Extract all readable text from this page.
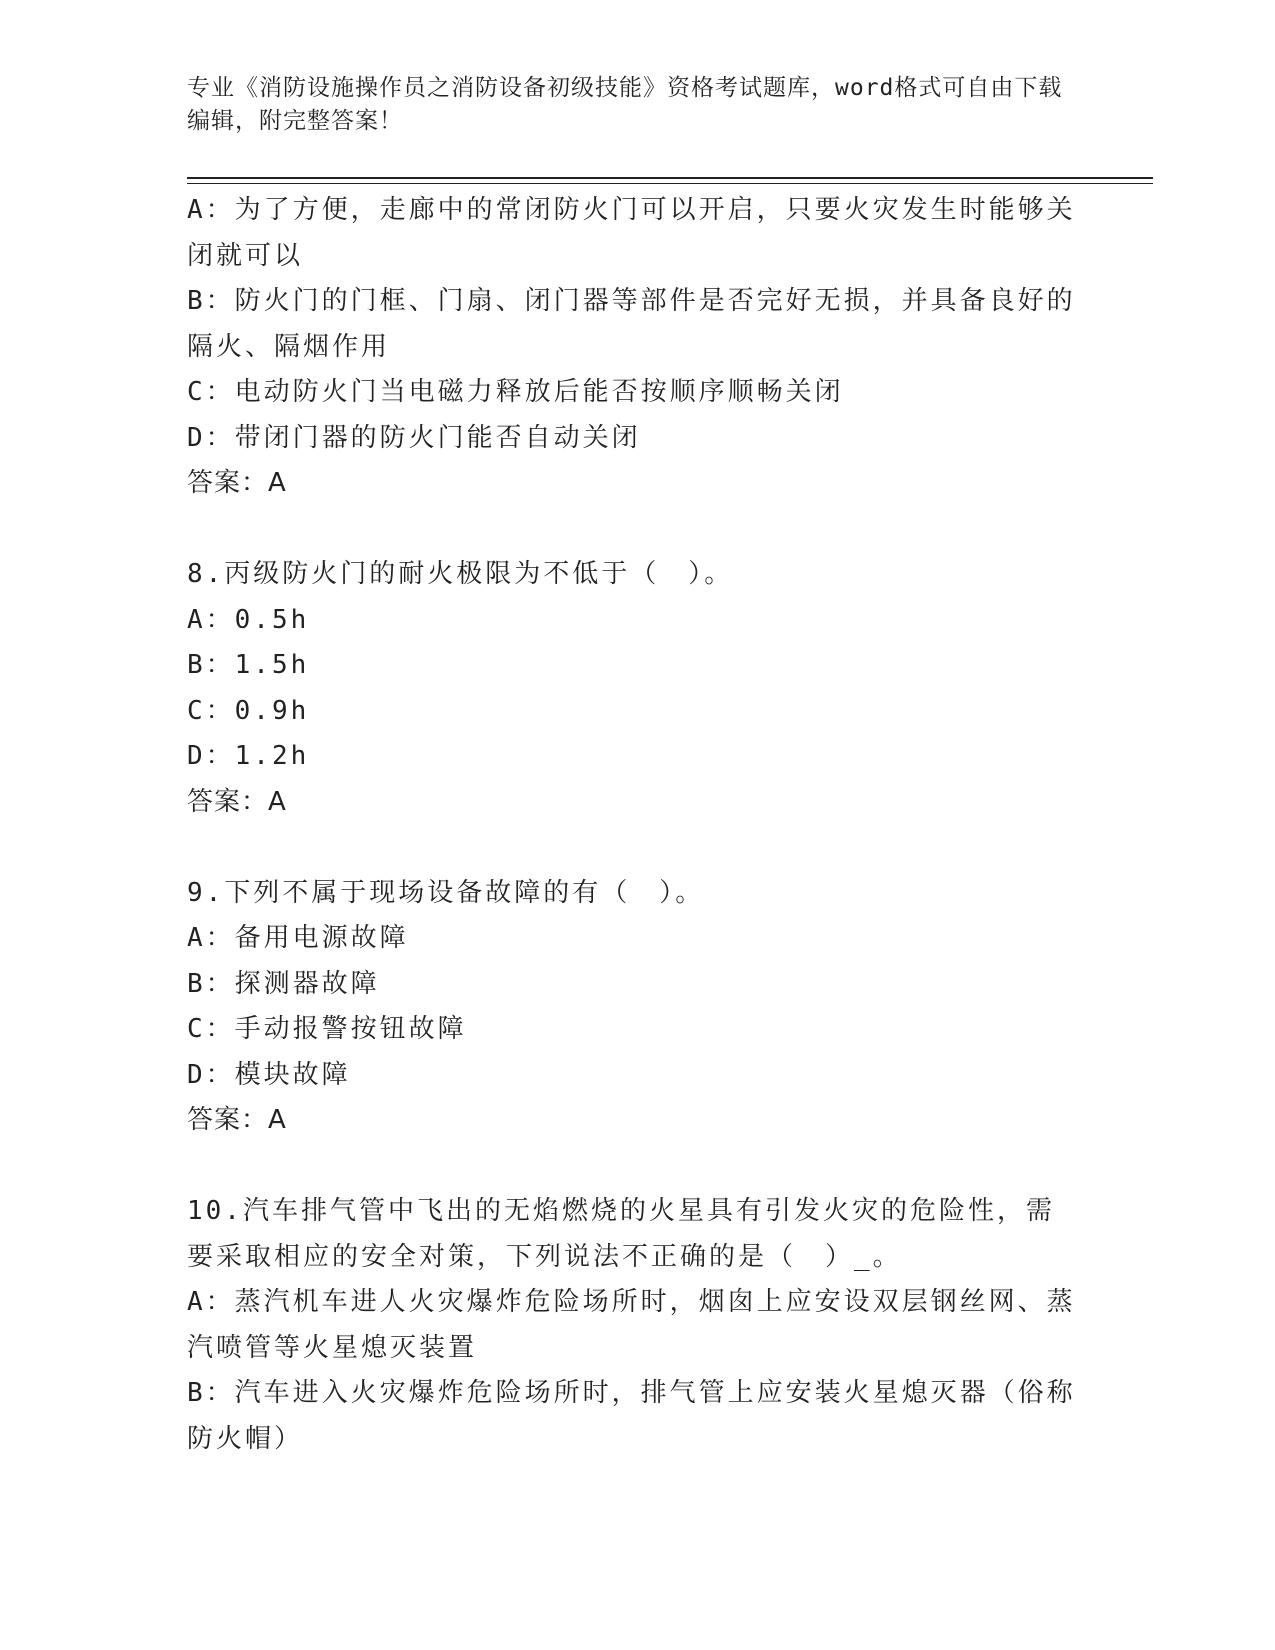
专业《消防设施操作员之消防设备初级技能》资格考试题库，word格式可自由下载编辑，附完整答案！

A：为了方便，走廊中的常闭防火门可以开启，只要火灾发生时能够关闭就可以

B：防火门的门框、门扇、闭门器等部件是否完好无损，并具备良好的隔火、隔烟作用

C：电动防火门当电磁力释放后能否按顺序顺畅关闭

D：带闭门器的防火门能否自动关闭

答案：A

8.丙级防火门的耐火极限为不低于（　）。

A：0.5h

B：1.5h

C：0.9h

D：1.2h

答案：A

9.下列不属于现场设备故障的有（　）。

A：备用电源故障

B：探测器故障

C：手动报警按钮故障

D：模块故障

答案：A

10.汽车排气管中飞出的无焰燃烧的火星具有引发火灾的危险性，需要采取相应的安全对策，下列说法不正确的是（　）_。

A：蒸汽机车进人火灾爆炸危险场所时，烟囱上应安设双层钢丝网、蒸汽喷管等火星熄灭装置

B：汽车进入火灾爆炸危险场所时，排气管上应安装火星熄灭器（俗称防火帽）
